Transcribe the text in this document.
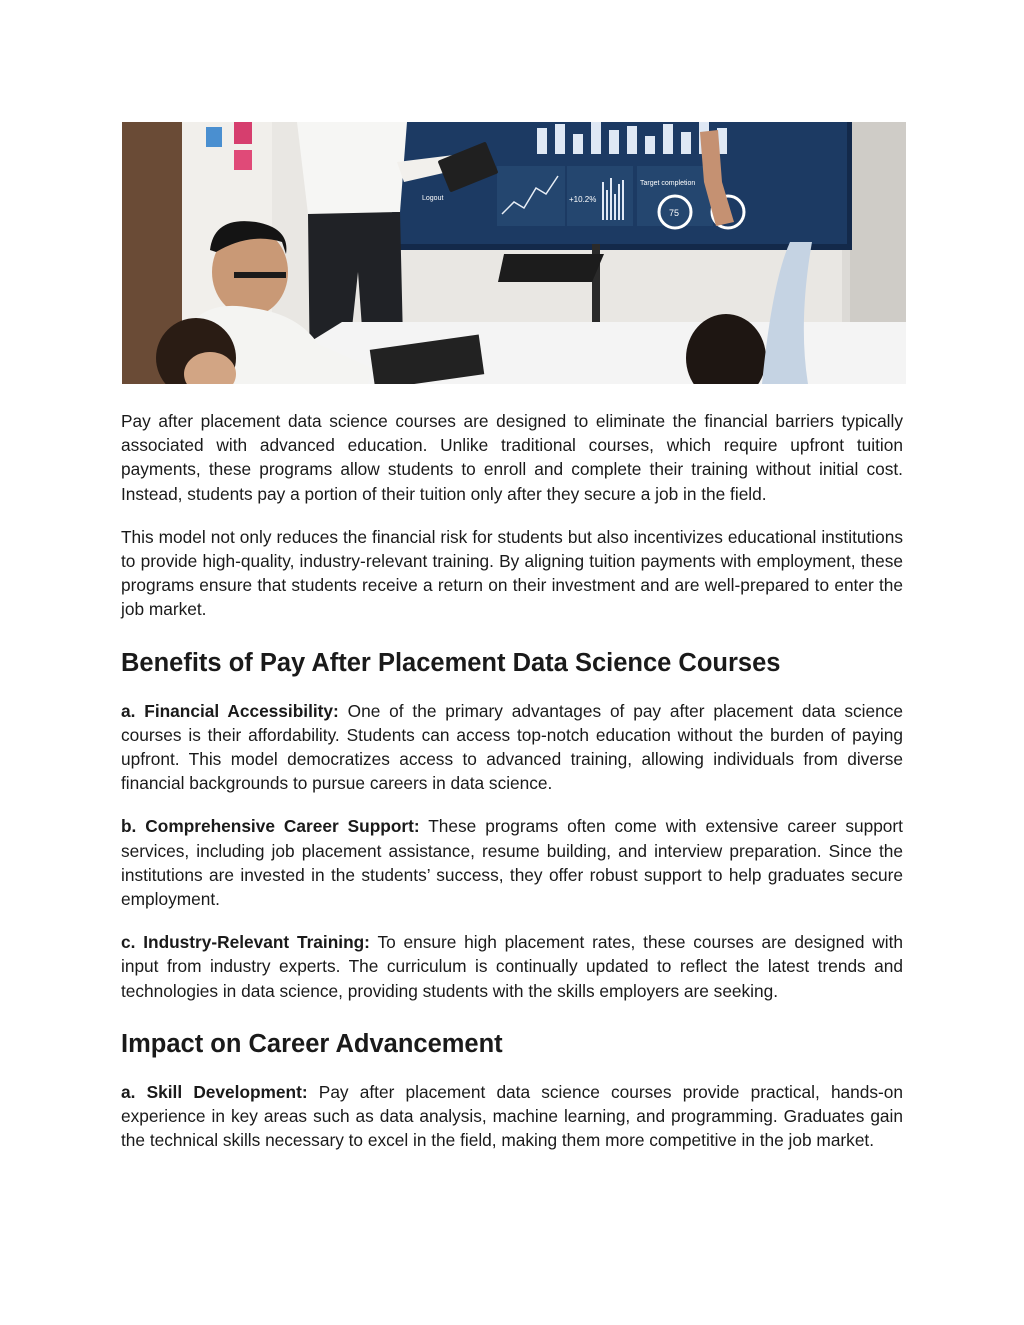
+10.2%
Target completion
75
Logout

Pay after placement data science courses are designed to eliminate the financial barriers typically associated with advanced education. Unlike traditional courses, which require upfront tuition payments, these programs allow students to enroll and complete their training without initial cost. Instead, students pay a portion of their tuition only after they secure a job in the field.

This model not only reduces the financial risk for students but also incentivizes educational institutions to provide high-quality, industry-relevant training. By aligning tuition payments with employment, these programs ensure that students receive a return on their investment and are well-prepared to enter the job market.

Benefits of Pay After Placement Data Science Courses

a. Financial Accessibility: One of the primary advantages of pay after placement data science courses is their affordability. Students can access top-notch education without the burden of paying upfront. This model democratizes access to advanced training, allowing individuals from diverse financial backgrounds to pursue careers in data science.

b. Comprehensive Career Support: These programs often come with extensive career support services, including job placement assistance, resume building, and interview preparation. Since the institutions are invested in the students’ success, they offer robust support to help graduates secure employment.

c. Industry-Relevant Training: To ensure high placement rates, these courses are designed with input from industry experts. The curriculum is continually updated to reflect the latest trends and technologies in data science, providing students with the skills employers are seeking.

Impact on Career Advancement

a. Skill Development: Pay after placement data science courses provide practical, hands-on experience in key areas such as data analysis, machine learning, and programming. Graduates gain the technical skills necessary to excel in the field, making them more competitive in the job market.
